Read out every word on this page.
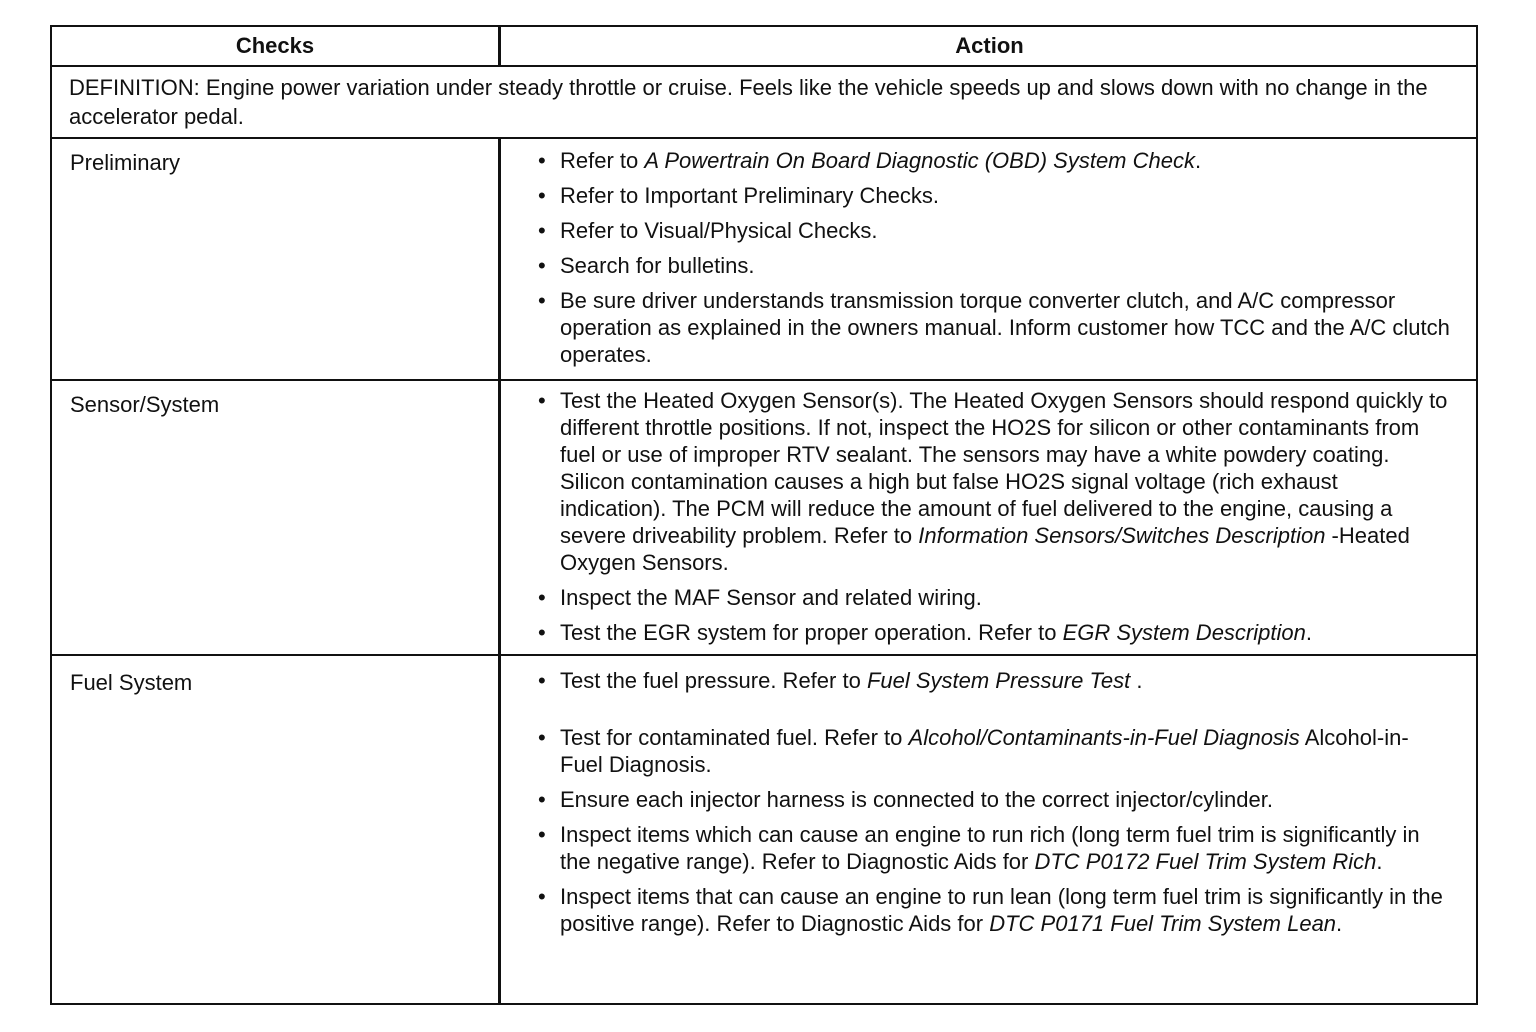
Checks	Action
DEFINITION: Engine power variation under steady throttle or cruise. Feels like the vehicle speeds up and slows down with no change in the accelerator pedal.
Preliminary	• Refer to A Powertrain On Board Diagnostic (OBD) System Check.
• Refer to Important Preliminary Checks.
• Refer to Visual/Physical Checks.
• Search for bulletins.
• Be sure driver understands transmission torque converter clutch, and A/C compressor operation as explained in the owners manual. Inform customer how TCC and the A/C clutch operates.
Sensor/System	• Test the Heated Oxygen Sensor(s). The Heated Oxygen Sensors should respond quickly to different throttle positions. If not, inspect the HO2S for silicon or other contaminants from fuel or use of improper RTV sealant. The sensors may have a white powdery coating. Silicon contamination causes a high but false HO2S signal voltage (rich exhaust indication). The PCM will reduce the amount of fuel delivered to the engine, causing a severe driveability problem. Refer to Information Sensors/Switches Description -Heated Oxygen Sensors.
• Inspect the MAF Sensor and related wiring.
• Test the EGR system for proper operation. Refer to EGR System Description.
Fuel System	• Test the fuel pressure. Refer to Fuel System Pressure Test .
• Test for contaminated fuel. Refer to Alcohol/Contaminants-in-Fuel Diagnosis Alcohol-in-Fuel Diagnosis.
• Ensure each injector harness is connected to the correct injector/cylinder.
• Inspect items which can cause an engine to run rich (long term fuel trim is significantly in the negative range). Refer to Diagnostic Aids for DTC P0172 Fuel Trim System Rich.
• Inspect items that can cause an engine to run lean (long term fuel trim is significantly in the positive range). Refer to Diagnostic Aids for DTC P0171 Fuel Trim System Lean.
